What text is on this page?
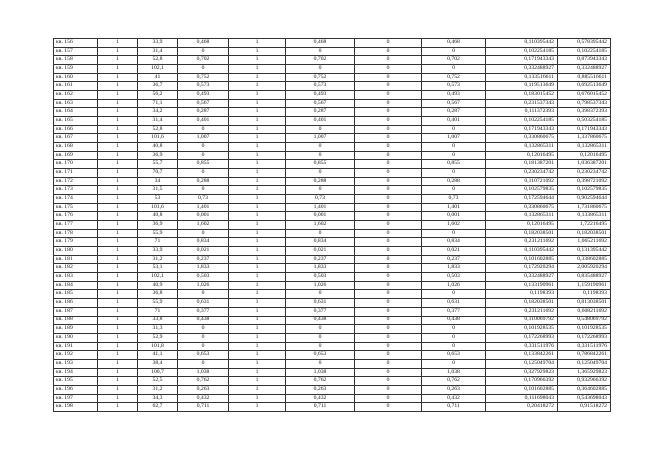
кв. 156	1	33,9	0,468	1	0,468	0	0,468	0,110395442	0,578395442
кв. 157	1	31,4	0	1	0	0	0	0,102254185	0,102254185
кв. 158	1	52,8	0,702	1	0,702	0	0,702	0,171943343	0,873943343
кв. 159	1	102,1	0	1	0	0	0	0,332488927	0,332488927
кв. 160	1	41	0,752	1	0,752	0	0,752	0,133516611	0,885516611
кв. 161	1	36,7	0,573	1	0,573	0	0,573	0,119513649	0,692513649
кв. 162	1	56,2	0,493	1	0,493	0	0,493	0,183015452	0,676015452
кв. 163	1	71,1	0,567	1	0,567	0	0,567	0,231537343	0,798537343
кв. 164	1	34,2	0,287	1	0,287	0	0,287	0,111372393	0,398372393
кв. 165	1	31,4	0,401	1	0,401	0	0,401	0,102254185	0,503254185
кв. 166	1	52,8	0	1	0	0	0	0,171943343	0,171943343
кв. 167	1	101,6	1,007	1	1,007	0	1,007	0,330860675	1,337860675
кв. 168	1	40,8	0	1	0	0	0	0,132865311	0,132865311
кв. 169	1	36,9	0	1	0	0	0	0,12016495	0,12016495
кв. 170	1	55,7	0,855	1	0,855	0	0,855	0,181387201	1,036387201
кв. 171	1	70,7	0	1	0	0	0	0,230234742	0,230234742
кв. 172	1	34	0,288	1	0,288	0	0,288	0,110721092	0,398721092
кв. 173	1	31,5	0	1	0	0	0	0,102579835	0,102579835
кв. 174	1	53	0,73	1	0,73	0	0,73	0,172594644	0,902594644
кв. 175	1	101,6	1,401	1	1,401	0	1,401	0,330860675	1,731860675
кв. 176	1	40,8	0,001	1	0,001	0	0,001	0,132865311	0,133865311
кв. 177	1	36,9	1,602	1	1,602	0	1,602	0,12016495	1,72216495
кв. 178	1	55,9	0	1	0	0	0	0,182038501	0,182038501
кв. 179	1	71	0,834	1	0,834	0	0,834	0,231211692	1,065211692
кв. 180	1	33,9	0,021	1	0,021	0	0,021	0,110395442	0,131395442
кв. 181	1	31,2	0,237	1	0,237	0	0,237	0,101602885	0,338602885
кв. 182	1	53,1	1,833	1	1,833	0	1,833	0,172920294	2,005920294
кв. 183	1	102,1	0,503	1	0,503	0	0,503	0,332488927	0,835488927
кв. 184	1	40,9	1,026	1	1,026	0	1,026	0,133190961	1,159190961
кв. 185	1	36,8	0	1	0	0	0	0,1198393	0,1198393
кв. 186	1	55,9	0,631	1	0,631	0	0,631	0,182038501	0,813038501
кв. 187	1	71	0,377	1	0,377	0	0,377	0,231211692	0,608211692
кв. 188	1	33,8	0,438	1	0,438	0	0,438	0,110069792	0,548069792
кв. 189	1	31,3	0	1	0	0	0	0,101928535	0,101928535
кв. 190	1	52,9	0	1	0	0	0	0,172268993	0,172268993
кв. 191	1	101,8	0	1	0	0	0	0,331511976	0,331511976
кв. 192	1	41,1	0,653	1	0,653	0	0,653	0,133842261	0,786842261
кв. 193	1	38,4	0	1	0	0	0	0,125049704	0,125049704
кв. 194	1	100,7	1,038	1	1,038	0	1,038	0,327929823	1,365929823
кв. 195	1	52,5	0,762	1	0,762	0	0,762	0,170966392	0,932966392
кв. 196	1	31,2	0,263	1	0,263	0	0,263	0,101602885	0,364602885
кв. 197	1	34,3	0,432	1	0,432	0	0,432	0,111698043	0,543698043
кв. 198	1	62,7	0,711	1	0,711	0	0,711	0,20418272	0,91518272
